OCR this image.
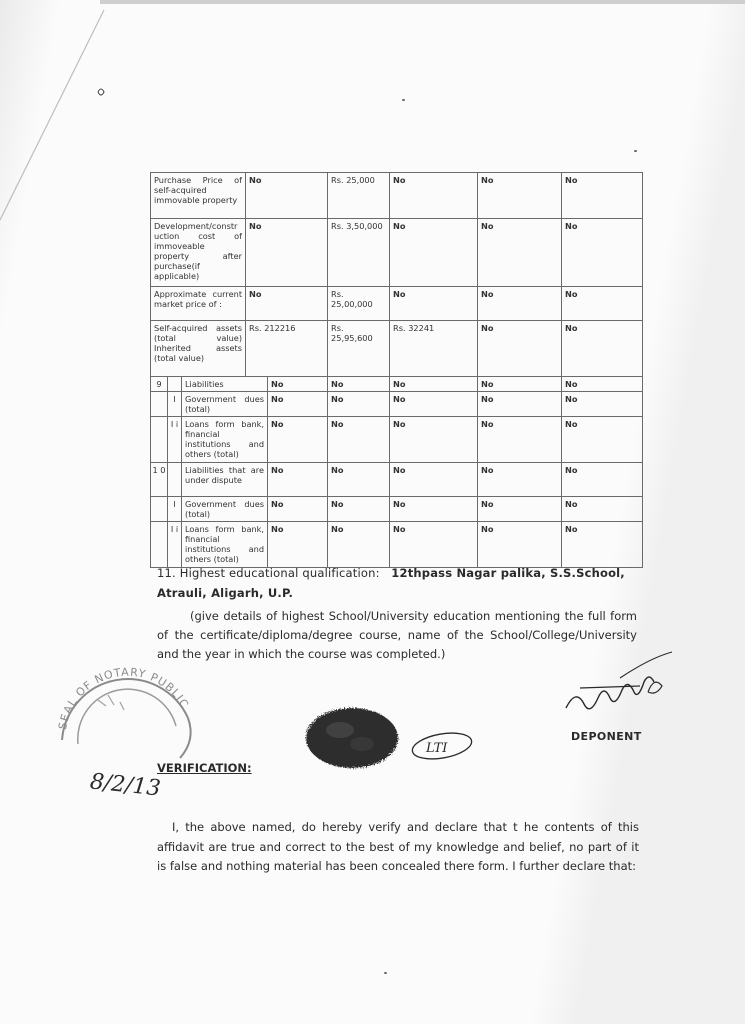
Purchase Price of self-acquired immovable property			No		Rs. 25,000	No	No	No
Development/construction cost of immoveable property after purchase(if applicable)			No		Rs. 3,50,000	No	No	No
Approximate current market price of :			No		Rs. 25,00,000	No	No	No
Self-acquired assets (total value) Inherited assets (total value)			Rs. 212216		Rs. 25,95,600	Rs. 32241	No	No
9		Liabilities		No	No	No	No	No
	I	Government dues (total)		No	No	No	No	No
	I i	Loans form bank, financial institutions and others (total)		No	No	No	No	No
1 0		Liabilities that are under dispute		No	No	No	No	No
	I	Government dues (total)		No	No	No	No	No
	I i	Loans form bank, financial institutions and others (total)		No	No	No	No	No
11. Highest educational qualification: 12thpass Nagar palika, S.S.School, Atrauli, Aligarh, U.P.
(give details of highest School/University education mentioning the full form of the certificate/diploma/degree course, name of the School/College/University and the year in which the course was completed.)
SEAL OF NOTARY PUBLIC
LTI
DEPONENT
8/2/13
VERIFICATION:
I, the above named, do hereby verify and declare that t he contents of this affidavit are true and correct to the best of my knowledge and belief, no part of it is false and nothing material has been concealed there form. I further declare that:
